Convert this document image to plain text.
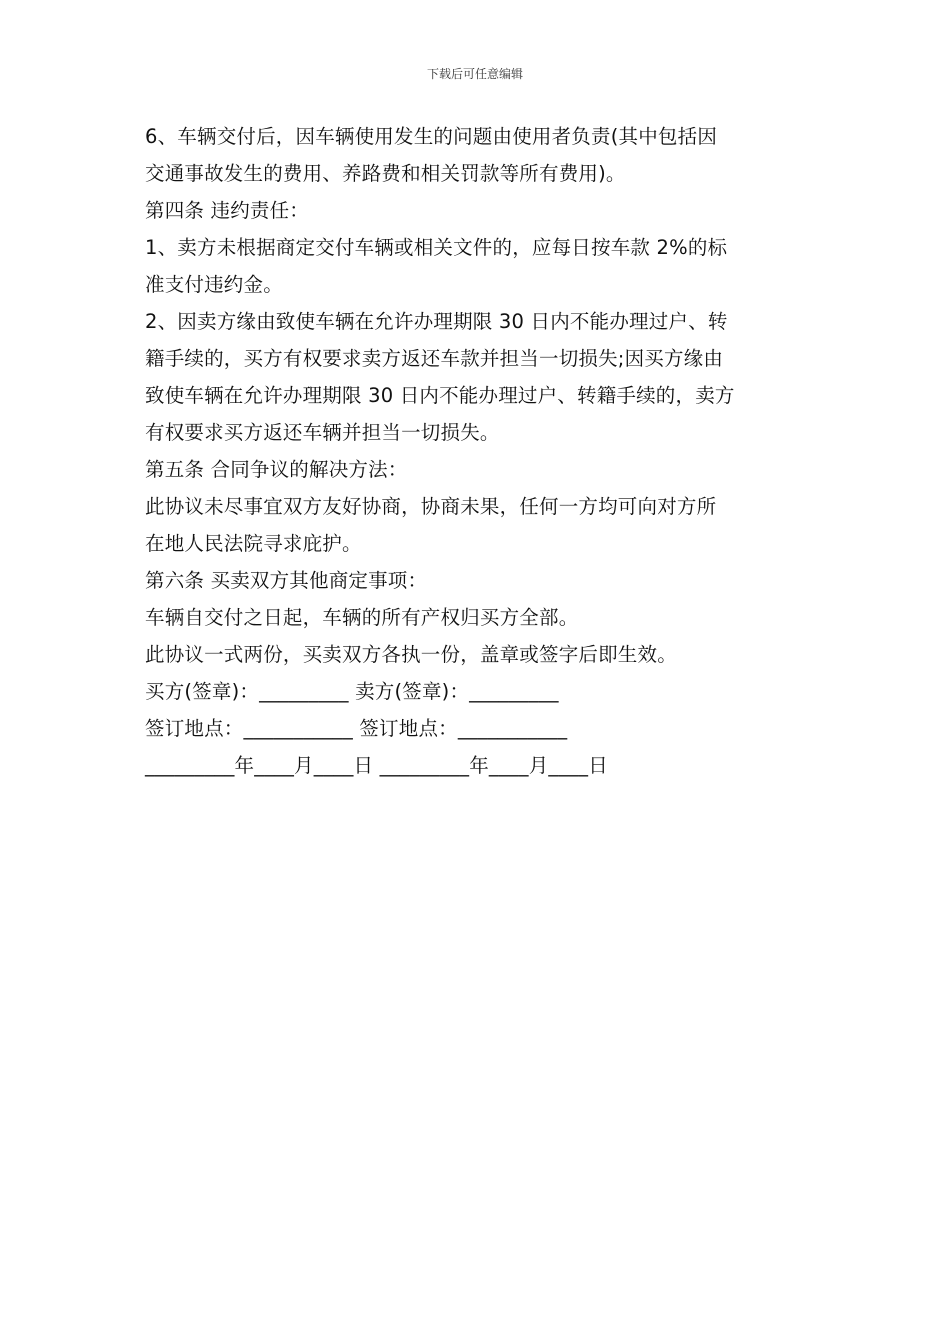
下载后可任意编辑
6、车辆交付后，因车辆使用发生的问题由使用者负责(其中包括因
交通事故发生的费用、养路费和相关罚款等所有费用)。
第四条 违约责任：
1、卖方未根据商定交付车辆或相关文件的，应每日按车款 2%的标
准支付违约金。
2、因卖方缘由致使车辆在允许办理期限 30 日内不能办理过户、转
籍手续的，买方有权要求卖方返还车款并担当一切损失;因买方缘由
致使车辆在允许办理期限 30 日内不能办理过户、转籍手续的，卖方
有权要求买方返还车辆并担当一切损失。
第五条 合同争议的解决方法：
此协议未尽事宜双方友好协商，协商未果，任何一方均可向对方所
在地人民法院寻求庇护。
第六条 买卖双方其他商定事项：
车辆自交付之日起，车辆的所有产权归买方全部。
此协议一式两份，买卖双方各执一份，盖章或签字后即生效。
买方(签章)：_________ 卖方(签章)：_________
签订地点：___________ 签订地点：___________
_________年____月____日 _________年____月____日
